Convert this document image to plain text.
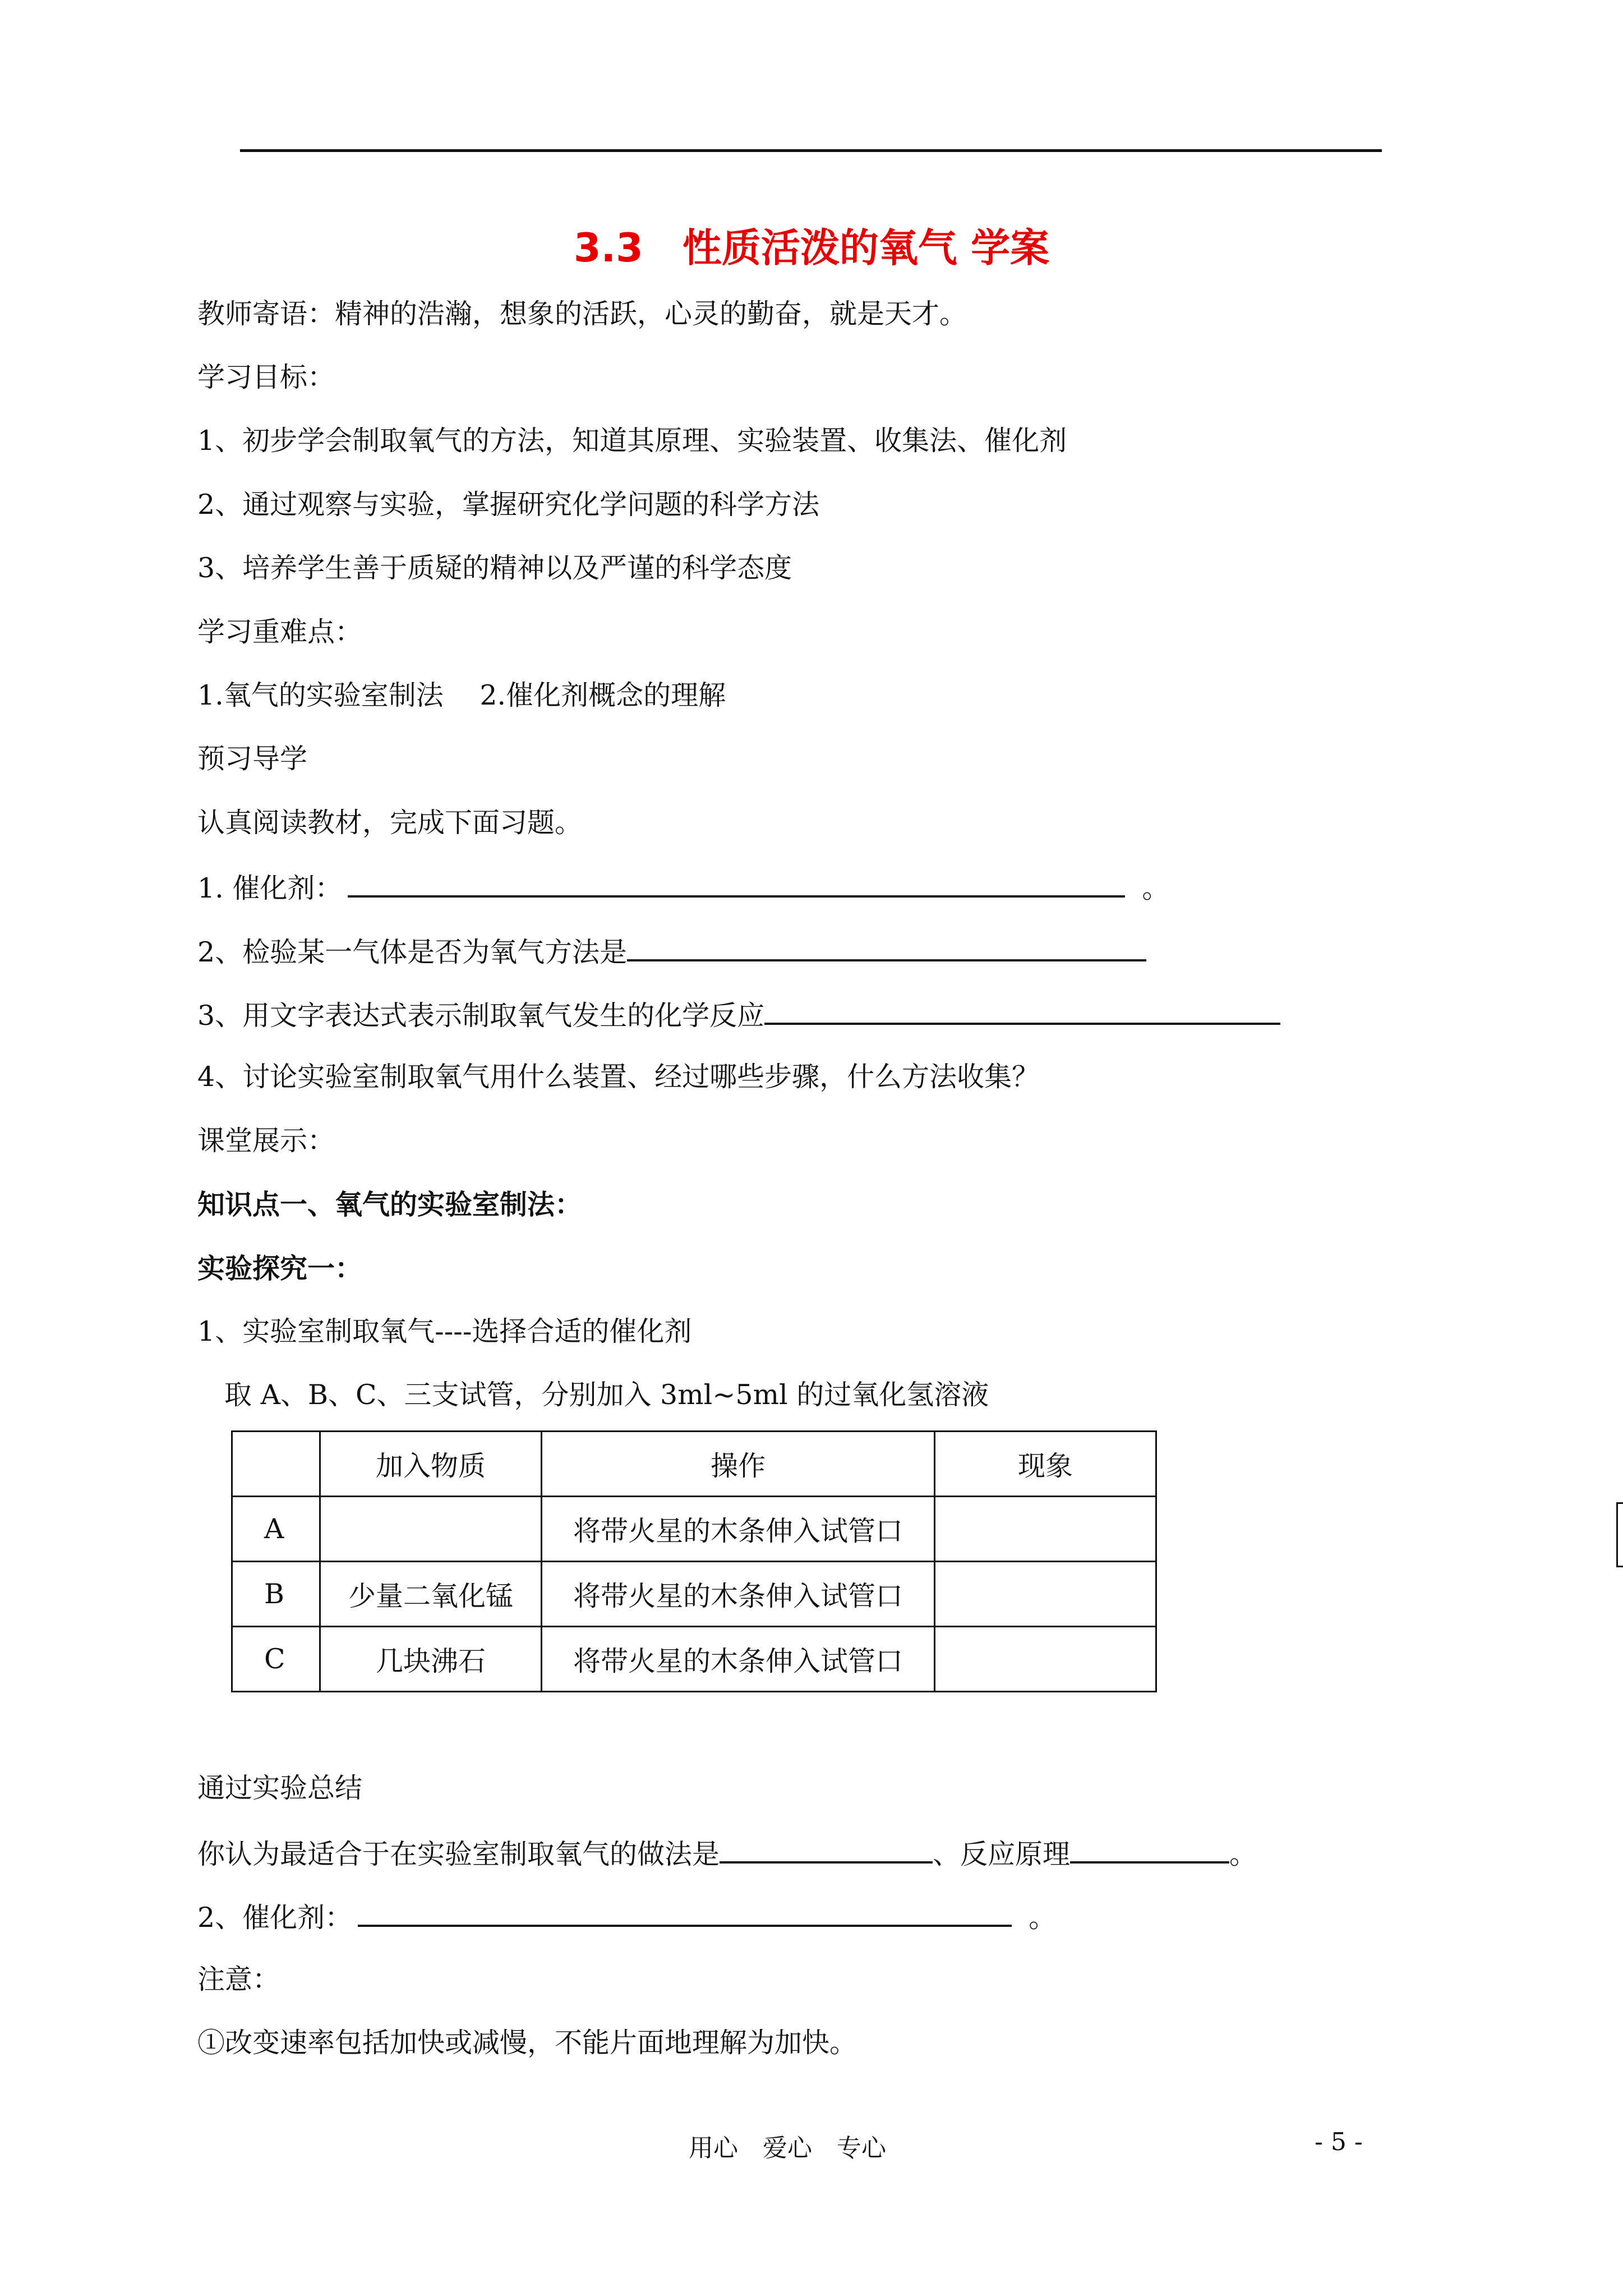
3.3　性质活泼的氧气 学案
教师寄语：精神的浩瀚，想象的活跃，心灵的勤奋，就是天才。
学习目标：
1、初步学会制取氧气的方法，知道其原理、实验装置、收集法、催化剂
2、通过观察与实验，掌握研究化学问题的科学方法
3、培养学生善于质疑的精神以及严谨的科学态度
学习重难点：
1.氧气的实验室制法　 2.催化剂概念的理解
预习导学
认真阅读教材，完成下面习题。
1. 催化剂：	。
2、检验某一气体是否为氧气方法是
3、用文字表达式表示制取氧气发生的化学反应
4、讨论实验室制取氧气用什么装置、经过哪些步骤，什么方法收集？
课堂展示：
知识点一、氧气的实验室制法：
实验探究一：
1、实验室制取氧气----选择合适的催化剂
取 A、B、C、三支试管，分别加入 3ml~5ml 的过氧化氢溶液
	加入物质	操作	现象
A		将带火星的木条伸入试管口	
B	少量二氧化锰	将带火星的木条伸入试管口	
C	几块沸石	将带火星的木条伸入试管口	
通过实验总结
你认为最适合于在实验室制取氧气的做法是	、反应原理	。
2、催化剂：	。
注意：
①改变速率包括加快或减慢，不能片面地理解为加快。
用心　爱心　专心	- 5 -
